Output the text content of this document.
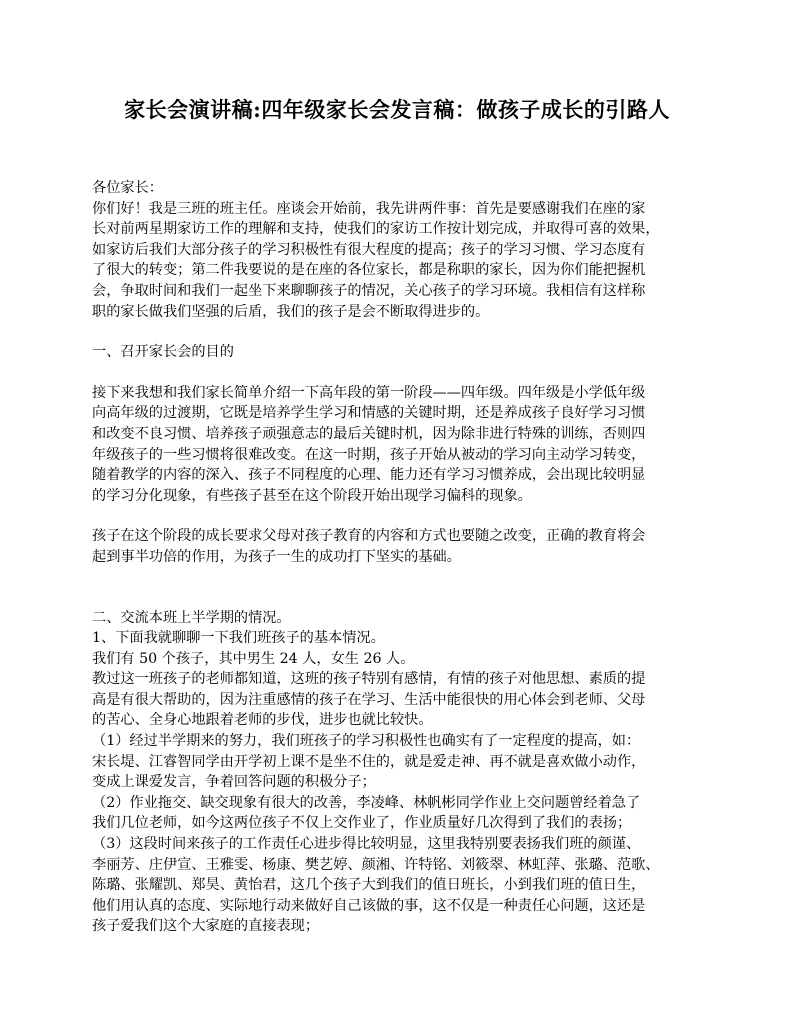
家长会演讲稿:四年级家长会发言稿：做孩子成长的引路人
各位家长：
你们好！我是三班的班主任。座谈会开始前，我先讲两件事：首先是要感谢我们在座的家
长对前两星期家访工作的理解和支持，使我们的家访工作按计划完成，并取得可喜的效果，
如家访后我们大部分孩子的学习积极性有很大程度的提高；孩子的学习习惯、学习态度有
了很大的转变；第二件我要说的是在座的各位家长，都是称职的家长，因为你们能把握机
会，争取时间和我们一起坐下来聊聊孩子的情况，关心孩子的学习环境。我相信有这样称
职的家长做我们坚强的后盾，我们的孩子是会不断取得进步的。
一、召开家长会的目的
接下来我想和我们家长简单介绍一下高年段的第一阶段——四年级。四年级是小学低年级
向高年级的过渡期，它既是培养学生学习和情感的关键时期，还是养成孩子良好学习习惯
和改变不良习惯、培养孩子顽强意志的最后关键时机，因为除非进行特殊的训练，否则四
年级孩子的一些习惯将很难改变。在这一时期，孩子开始从被动的学习向主动学习转变，
随着教学的内容的深入、孩子不同程度的心理、能力还有学习习惯养成，会出现比较明显
的学习分化现象，有些孩子甚至在这个阶段开始出现学习偏科的现象。
孩子在这个阶段的成长要求父母对孩子教育的内容和方式也要随之改变，正确的教育将会
起到事半功倍的作用，为孩子一生的成功打下坚实的基础。
二、交流本班上半学期的情况。
1、下面我就聊聊一下我们班孩子的基本情况。
我们有 50 个孩子，其中男生 24 人，女生 26 人。
教过这一班孩子的老师都知道，这班的孩子特别有感情，有情的孩子对他思想、素质的提
高是有很大帮助的，因为注重感情的孩子在学习、生活中能很快的用心体会到老师、父母
的苦心、全身心地跟着老师的步伐，进步也就比较快。
（1）经过半学期来的努力，我们班孩子的学习积极性也确实有了一定程度的提高，如：
宋长堤、江睿智同学由开学初上课不是坐不住的，就是爱走神、再不就是喜欢做小动作，
变成上课爱发言，争着回答问题的积极分子；
（2）作业拖交、缺交现象有很大的改善，李凌峰、林帆彬同学作业上交问题曾经着急了
我们几位老师，如今这两位孩子不仅上交作业了，作业质量好几次得到了我们的表扬；
（3）这段时间来孩子的工作责任心进步得比较明显，这里我特别要表扬我们班的颜谨、
李丽芳、庄伊宣、王雅雯、杨康、樊艺婷、颜湘、许特铭、刘筱翠、林虹萍、张璐、范歌、
陈璐、张耀凯、郑昊、黄怡君，这几个孩子大到我们的值日班长，小到我们班的值日生，
他们用认真的态度、实际地行动来做好自己该做的事，这不仅是一种责任心问题，这还是
孩子爱我们这个大家庭的直接表现；
